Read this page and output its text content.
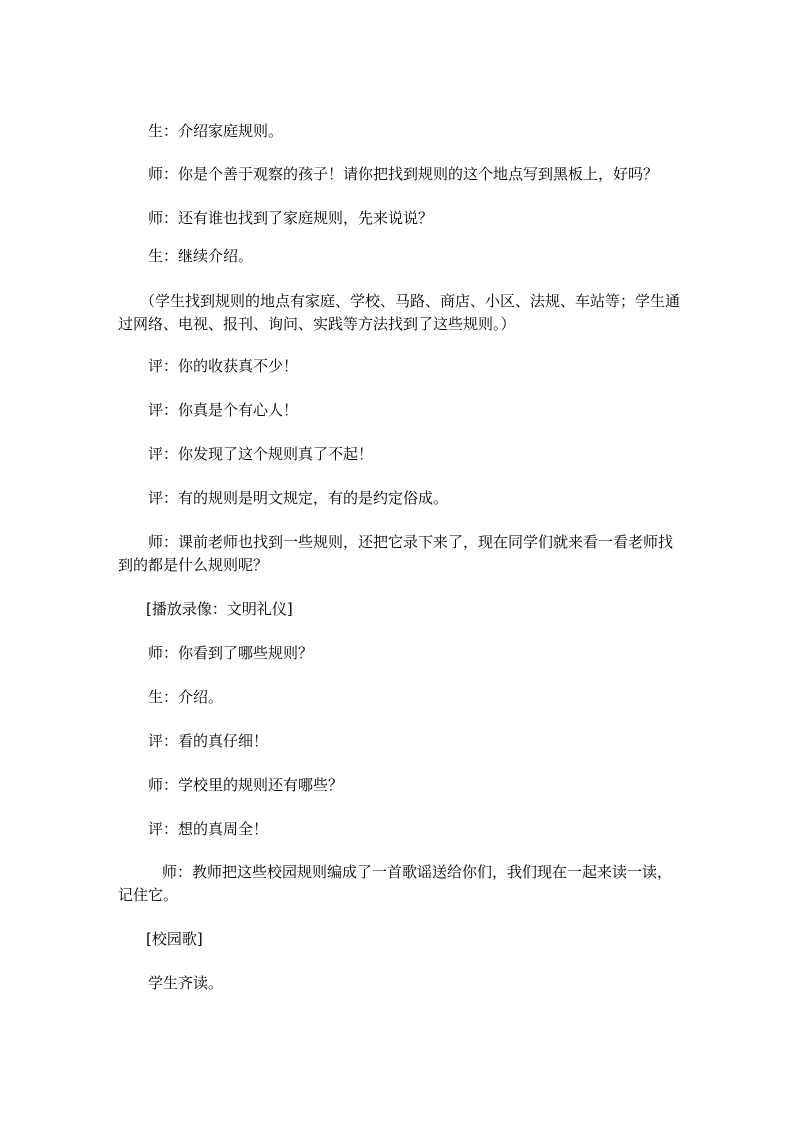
生：介绍家庭规则。
师：你是个善于观察的孩子！请你把找到规则的这个地点写到黑板上，好吗？
师：还有谁也找到了家庭规则，先来说说？
生：继续介绍。
（学生找到规则的地点有家庭、学校、马路、商店、小区、法规、车站等；学生通过网络、电视、报刊、询问、实践等方法找到了这些规则。）
评：你的收获真不少！
评：你真是个有心人！
评：你发现了这个规则真了不起！
评：有的规则是明文规定，有的是约定俗成。
师：课前老师也找到一些规则，还把它录下来了，现在同学们就来看一看老师找到的都是什么规则呢？
[播放录像：文明礼仪]
师：你看到了哪些规则？
生：介绍。
评：看的真仔细！
师：学校里的规则还有哪些？
评：想的真周全！
师：教师把这些校园规则编成了一首歌谣送给你们，我们现在一起来读一读，记住它。
[校园歌]
学生齐读。
